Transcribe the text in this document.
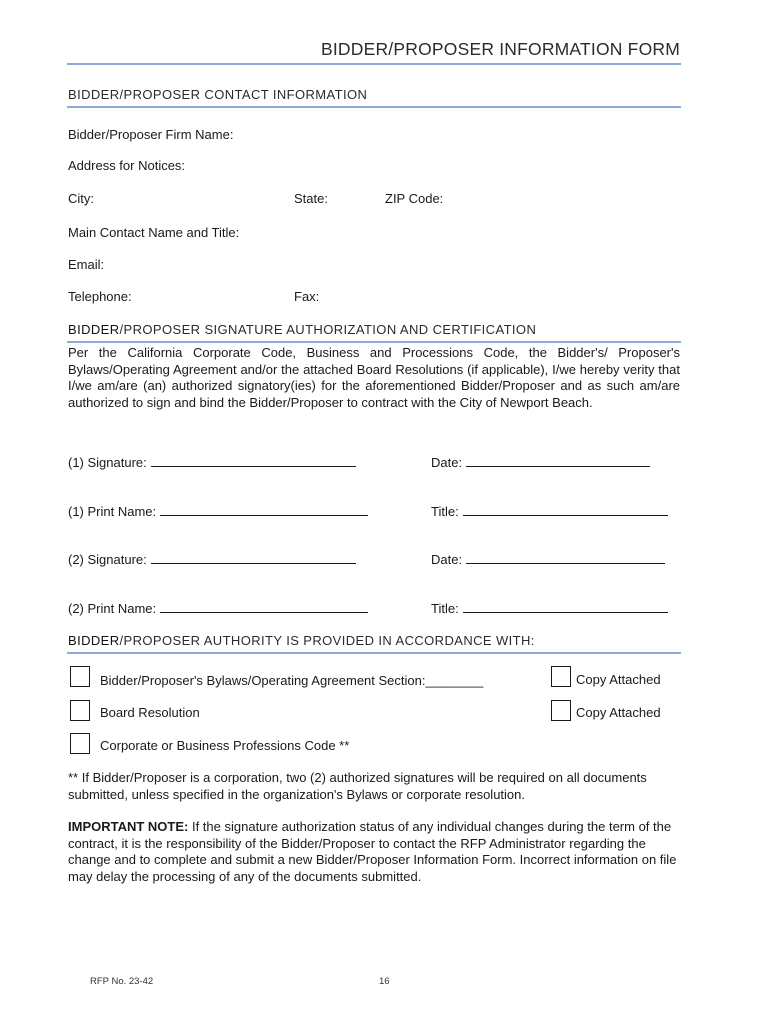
BIDDER/PROPOSER INFORMATION FORM
BIDDER/PROPOSER CONTACT INFORMATION
Bidder/Proposer Firm Name:
Address for Notices:
City:	State:	ZIP Code:
Main Contact Name and Title:
Email:
Telephone:	Fax:
BIDDER/PROPOSER SIGNATURE AUTHORIZATION AND CERTIFICATION

Per the California Corporate Code, Business and Processions Code, the Bidder's/ Proposer's Bylaws/Operating Agreement and/or the attached Board Resolutions (if applicable), I/we hereby verity that I/we am/are (an) authorized signatory(ies) for the aforementioned Bidder/Proposer and as such am/are authorized to sign and bind the Bidder/Proposer to contract with the City of Newport Beach.

(1) Signature:	Date:
(1) Print Name:	Title:
(2) Signature:	Date:
(2) Print Name:	Title:
BIDDER/PROPOSER AUTHORITY IS PROVIDED IN ACCORDANCE WITH:
Bidder/Proposer's Bylaws/Operating Agreement Section:________	Copy Attached
Board Resolution	Copy Attached
Corporate or Business Professions Code **

** If Bidder/Proposer is a corporation, two (2) authorized signatures will be required on all documents submitted, unless specified in the organization's Bylaws or corporate resolution.

IMPORTANT NOTE: If the signature authorization status of any individual changes during the term of the contract, it is the responsibility of the Bidder/Proposer to contact the RFP Administrator regarding the change and to complete and submit a new Bidder/Proposer Information Form. Incorrect information on file may delay the processing of any of the documents submitted.

RFP No. 23-42	16
